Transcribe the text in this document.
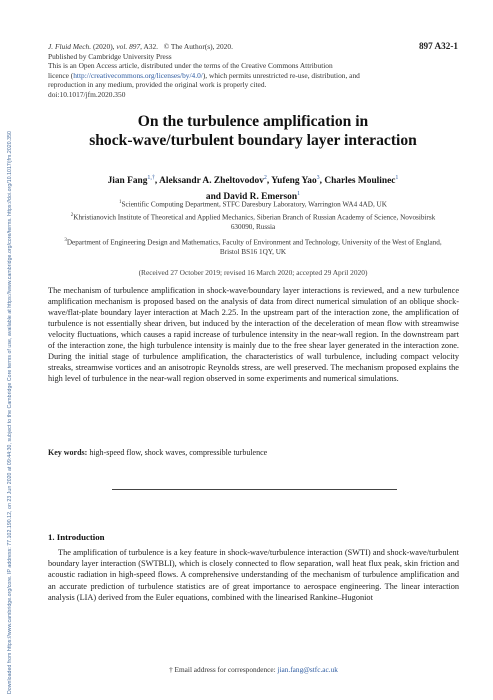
Downloaded from https://www.cambridge.org/core. IP address: 77.102.190.12, on 23 Jun 2020 at 09:44:30, subject to the Cambridge Core terms of use, available at https://www.cambridge.org/core/terms. https://doi.org/10.1017/jfm.2020.350
J. Fluid Mech. (2020), vol. 897, A32. © The Author(s), 2020.
Published by Cambridge University Press
This is an Open Access article, distributed under the terms of the Creative Commons Attribution
licence (http://creativecommons.org/licenses/by/4.0/), which permits unrestricted re-use, distribution, and
reproduction in any medium, provided the original work is properly cited.
doi:10.1017/jfm.2020.350
897 A32-1
On the turbulence amplification in
shock-wave/turbulent boundary layer interaction
Jian Fang$^{1,\dagger}$, Aleksandr A. Zheltovodov$^2$, Yufeng Yao$^3$, Charles Moulinec$^1$
and David R. Emerson$^1$
$^1$Scientific Computing Department, STFC Daresbury Laboratory, Warrington WA4 4AD, UK
$^2$Khristianovich Institute of Theoretical and Applied Mechanics, Siberian Branch of Russian Academy of Science, Novosibirsk 630090, Russia
$^3$Department of Engineering Design and Mathematics, Faculty of Environment and Technology, University of the West of England, Bristol BS16 1QY, UK
(Received 27 October 2019; revised 16 March 2020; accepted 29 April 2020)

The mechanism of turbulence amplification in shock-wave/boundary layer interactions is reviewed, and a new turbulence amplification mechanism is proposed based on the analysis of data from direct numerical simulation of an oblique shock-wave/flat-plate boundary layer interaction at Mach 2.25. In the upstream part of the interaction zone, the amplification of turbulence is not essentially shear driven, but induced by the interaction of the deceleration of mean flow with streamwise velocity fluctuations, which causes a rapid increase of turbulence intensity in the near-wall region. In the downstream part of the interaction zone, the high turbulence intensity is mainly due to the free shear layer generated in the interaction zone. During the initial stage of turbulence amplification, the characteristics of wall turbulence, including compact velocity streaks, streamwise vortices and an anisotropic Reynolds stress, are well preserved. The mechanism proposed explains the high level of turbulence in the near-wall region observed in some experiments and numerical simulations.

Key words: high-speed flow, shock waves, compressible turbulence
1. Introduction

The amplification of turbulence is a key feature in shock-wave/turbulence interaction (SWTI) and shock-wave/turbulent boundary layer interaction (SWTBLI), which is closely connected to flow separation, wall heat flux peak, skin friction and acoustic radiation in high-speed flows. A comprehensive understanding of the mechanism of turbulence amplification and an accurate prediction of turbulence statistics are of great importance to aerospace engineering. The linear interaction analysis (LIA) derived from the Euler equations, combined with the linearised Rankine–Hugoniot

† Email address for correspondence: jian.fang@stfc.ac.uk
